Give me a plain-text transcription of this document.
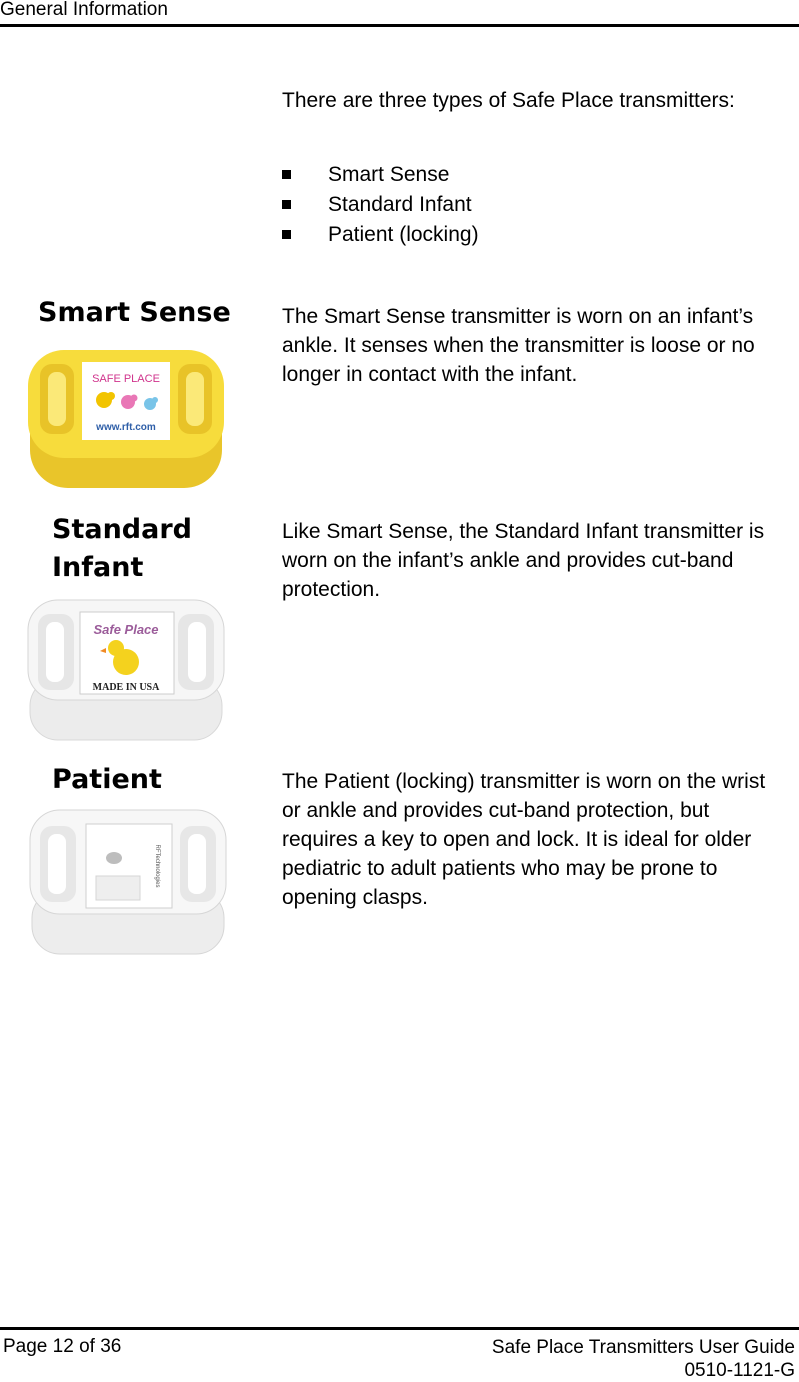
General Information
There are three types of Safe Place transmitters:
Smart Sense
Standard Infant
Patient (locking)
Smart Sense
SAFE PLACE
www.rft.com
The Smart Sense transmitter is worn on an infant’s ankle. It senses when the transmitter is loose or no longer in contact with the infant.
Standard
Infant
Safe Place
MADE IN USA
Like Smart Sense, the Standard Infant transmitter is worn on the infant’s ankle and provides cut-band protection.
Patient
RFTechnologies
The Patient (locking) transmitter is worn on the wrist or ankle and provides cut-band protection, but requires a key to open and lock. It is ideal for older pediatric to adult patients who may be prone to opening clasps.
Page 12 of 36	Safe Place Transmitters User Guide
0510-1121-G
